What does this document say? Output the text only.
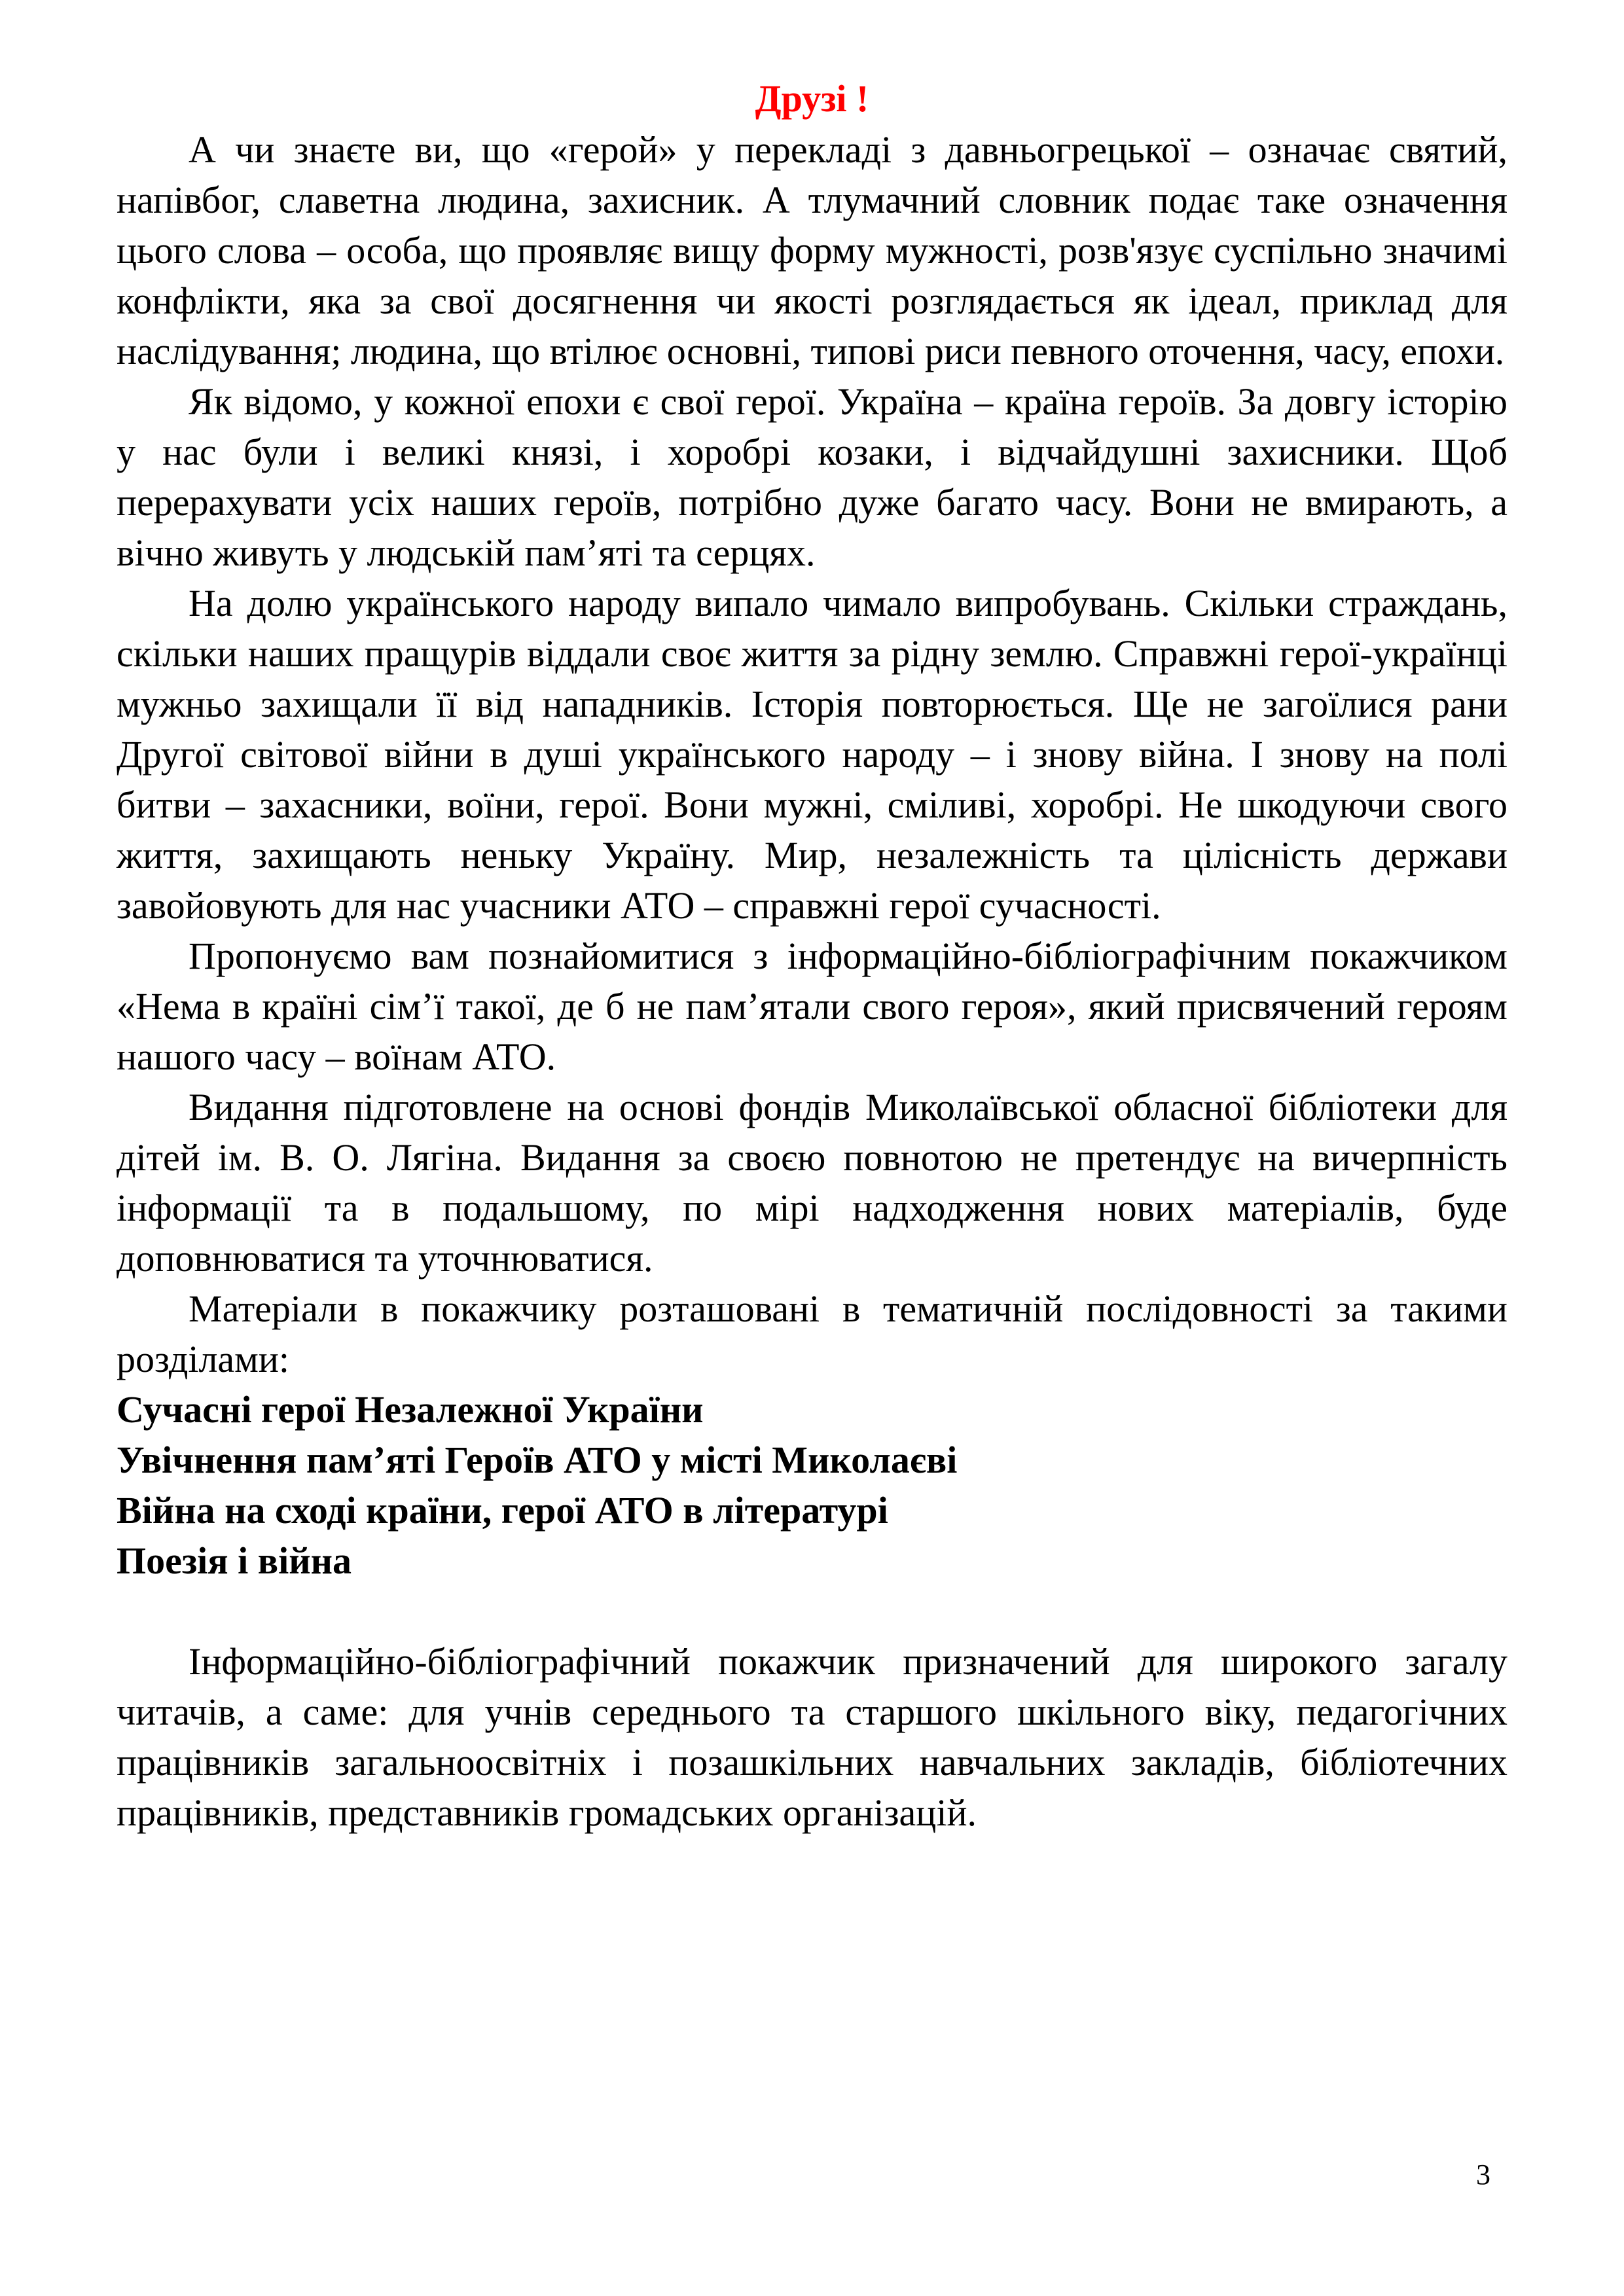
Друзі !

А чи знаєте ви, що «герой» у перекладі з давньогрецької – означає святий, напівбог, славетна людина, захисник. А тлумачний словник подає таке означення цього слова – особа, що проявляє вищу форму мужності, розв'язує суспільно значимі конфлікти, яка за свої досягнення чи якості розглядається як ідеал, приклад для наслідування; людина, що втілює основні, типові риси певного оточення, часу, епохи.

Як відомо, у кожної епохи є свої герої. Україна – країна героїв. За довгу історію у нас були і великі князі, і хоробрі козаки, і відчайдушні захисники. Щоб перерахувати усіх наших героїв, потрібно дуже багато часу. Вони не вмирають, а вічно живуть у людській пам’яті та серцях.

На долю українського народу випало чимало випробувань. Скільки страждань, скільки наших пращурів віддали своє життя за рідну землю. Справжні герої-українці мужньо захищали її від нападників. Історія повторюється. Ще не загоїлися рани Другої світової війни в душі українського народу – і знову війна. І знову на полі битви – захасники, воїни, герої. Вони мужні, сміливі, хоробрі. Не шкодуючи свого життя, захищають неньку Україну. Мир, незалежність та цілісність держави завойовують для нас учасники АТО – справжні герої сучасності.

Пропонуємо вам познайомитися з інформаційно-бібліографічним покажчиком «Нема в країні сім’ї такої, де б не пам’ятали свого героя», який присвячений героям нашого часу – воїнам АТО.

Видання підготовлене на основі фондів Миколаївської обласної бібліотеки для дітей ім. В. О. Лягіна. Видання за своєю повнотою не претендує на вичерпність інформації та в подальшому, по мірі надходження нових матеріалів, буде доповнюватися та уточнюватися.

Матеріали в покажчику розташовані в тематичній послідовності за такими розділами:

Сучасні герої Незалежної України
Увічнення пам’яті Героїв АТО у місті Миколаєві
Війна на сході країни, герої АТО в літературі
Поезія і війна

Інформаційно-бібліографічний покажчик призначений для широкого загалу читачів, а саме: для учнів середнього та старшого шкільного віку, педагогічних працівників загальноосвітніх і позашкільних навчальних закладів, бібліотечних працівників, представників громадських організацій.

3
